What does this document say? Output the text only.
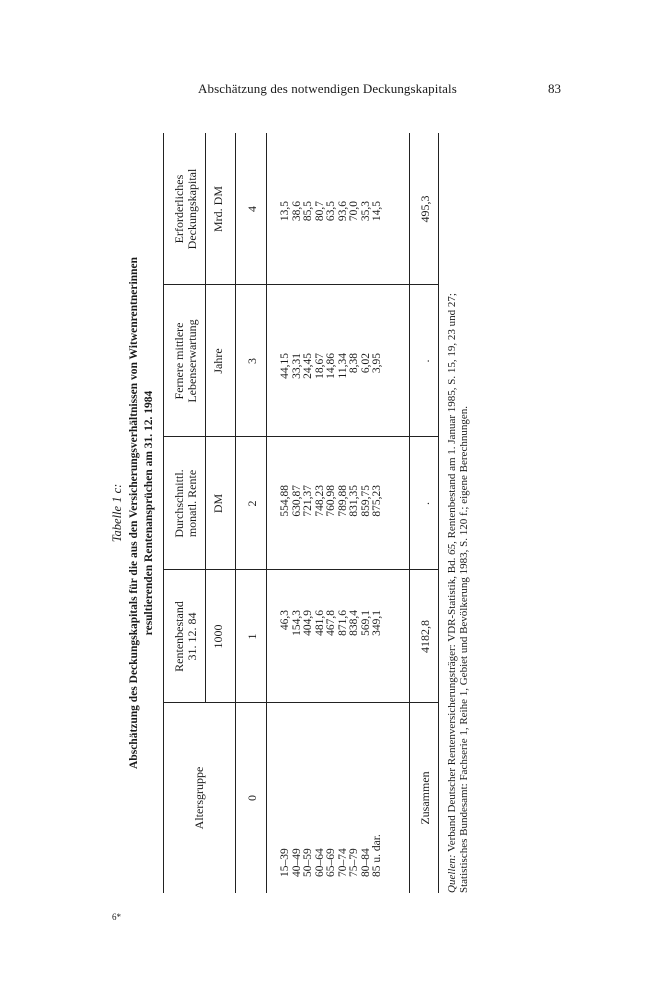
Abschätzung des notwendigen Deckungskapitals	83
6*
Tabelle 1 c: Abschätzung des Deckungskapitals für die aus den Versicherungsverhältnissen von Witwenrentnerinnen resultierenden Rentenansprüchen am 31. 12. 1984
Altersgruppe
Rentenbestand
31. 12. 84
Durchschnittl.
monatl. Rente
Fernere mittlere
Lebenserwartung
Erforderliches
Deckungskapital
1000
DM
Jahre
Mrd. DM
0
1
2
3
4
15–39 40–49 50–59 60–64 65–69 70–74 75–79 80–84 85 u. dar.
46,3 154,3 404,9 481,6 467,8 871,6 838,4 569,1 349,1
554,88 630,87 721,37 748,23 760,98 789,88 831,35 859,75 875,23
44,15 33,31 24,45 18,67 14,86 11,34 8,38 6,02 3,95
13,5 38,6 85,5 80,7 63,5 93,6 70,0 35,3 14,5
Zusammen
4182,8
.
.
495,3
Quellen: Verband Deutscher Rentenversicherungsträger: VDR-Statistik, Bd. 65, Rentenbestand am 1. Januar 1985, S. 15, 19, 23 und 27; Statistisches Bundesamt: Fachserie 1, Reihe 1, Gebiet und Bevölkerung 1983, S. 120 f.; eigene Berechnungen.
